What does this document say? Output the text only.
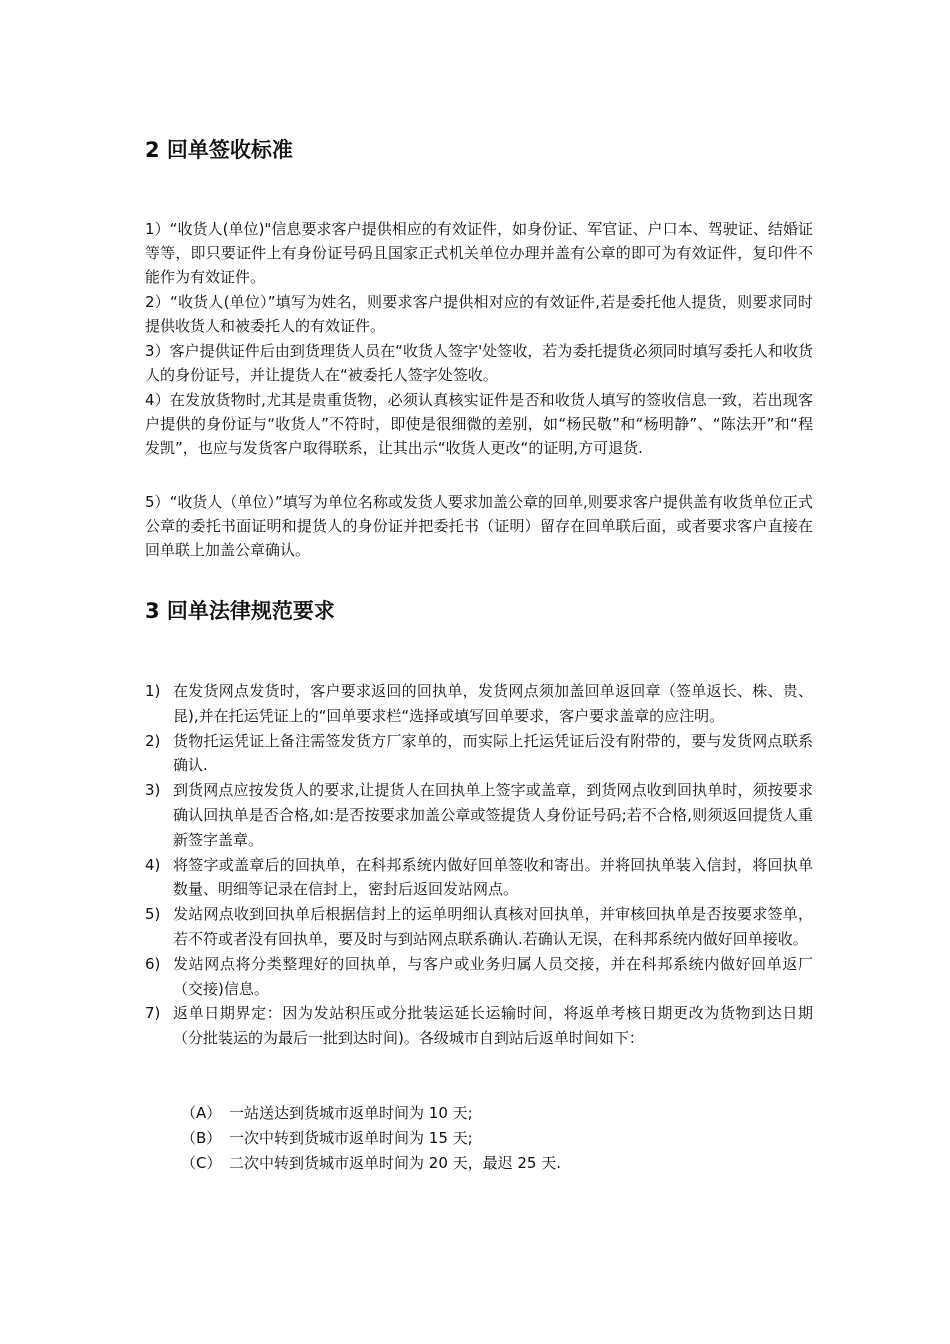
2 回单签收标准

1）“收货人(单位)"信息要求客户提供相应的有效证件，如身份证、军官证、户口本、驾驶证、结婚证等等，即只要证件上有身份证号码且国家正式机关单位办理并盖有公章的即可为有效证件，复印件不能作为有效证件。

2）“收货人(单位）”填写为姓名，则要求客户提供相对应的有效证件,若是委托他人提货，则要求同时提供收货人和被委托人的有效证件。

3）客户提供证件后由到货理货人员在“收货人签字'处签收，若为委托提货必须同时填写委托人和收货人的身份证号，并让提货人在“被委托人签字处签收。

4）在发放货物时,尤其是贵重货物，必须认真核实证件是否和收货人填写的签收信息一致，若出现客户提供的身份证与“收货人”不符时，即使是很细微的差别，如“杨民敬”和“杨明静”、“陈法开”和“程发凯”，也应与发货客户取得联系，让其出示“收货人更改“的证明,方可退货.

5）“收货人（单位）”填写为单位名称或发货人要求加盖公章的回单,则要求客户提供盖有收货单位正式公章的委托书面证明和提货人的身份证并把委托书（证明）留存在回单联后面，或者要求客户直接在回单联上加盖公章确认。

3 回单法律规范要求
1) 在发货网点发货时，客户要求返回的回执单，发货网点须加盖回单返回章（签单返长、株、贵、昆),并在托运凭证上的“回单要求栏“选择或填写回单要求，客户要求盖章的应注明。
2) 货物托运凭证上备注需签发货方厂家单的，而实际上托运凭证后没有附带的，要与发货网点联系确认.
3) 到货网点应按发货人的要求,让提货人在回执单上签字或盖章，到货网点收到回执单时，须按要求确认回执单是否合格,如:是否按要求加盖公章或签提货人身份证号码;若不合格,则须返回提货人重新签字盖章。
4) 将签字或盖章后的回执单，在科邦系统内做好回单签收和寄出。并将回执单装入信封，将回执单数量、明细等记录在信封上，密封后返回发站网点。
5) 发站网点收到回执单后根据信封上的运单明细认真核对回执单，并审核回执单是否按要求签单，若不符或者没有回执单，要及时与到站网点联系确认.若确认无误，在科邦系统内做好回单接收。
6) 发站网点将分类整理好的回执单，与客户或业务归属人员交接，并在科邦系统内做好回单返厂（交接)信息。
7) 返单日期界定：因为发站积压或分批装运延长运输时间，将返单考核日期更改为货物到达日期（分批装运的为最后一批到达时间)。各级城市自到站后返单时间如下：

（A） 一站送达到货城市返单时间为 10 天;

（B） 一次中转到货城市返单时间为 15 天;

（C） 二次中转到货城市返单时间为 20 天，最迟 25 天.
